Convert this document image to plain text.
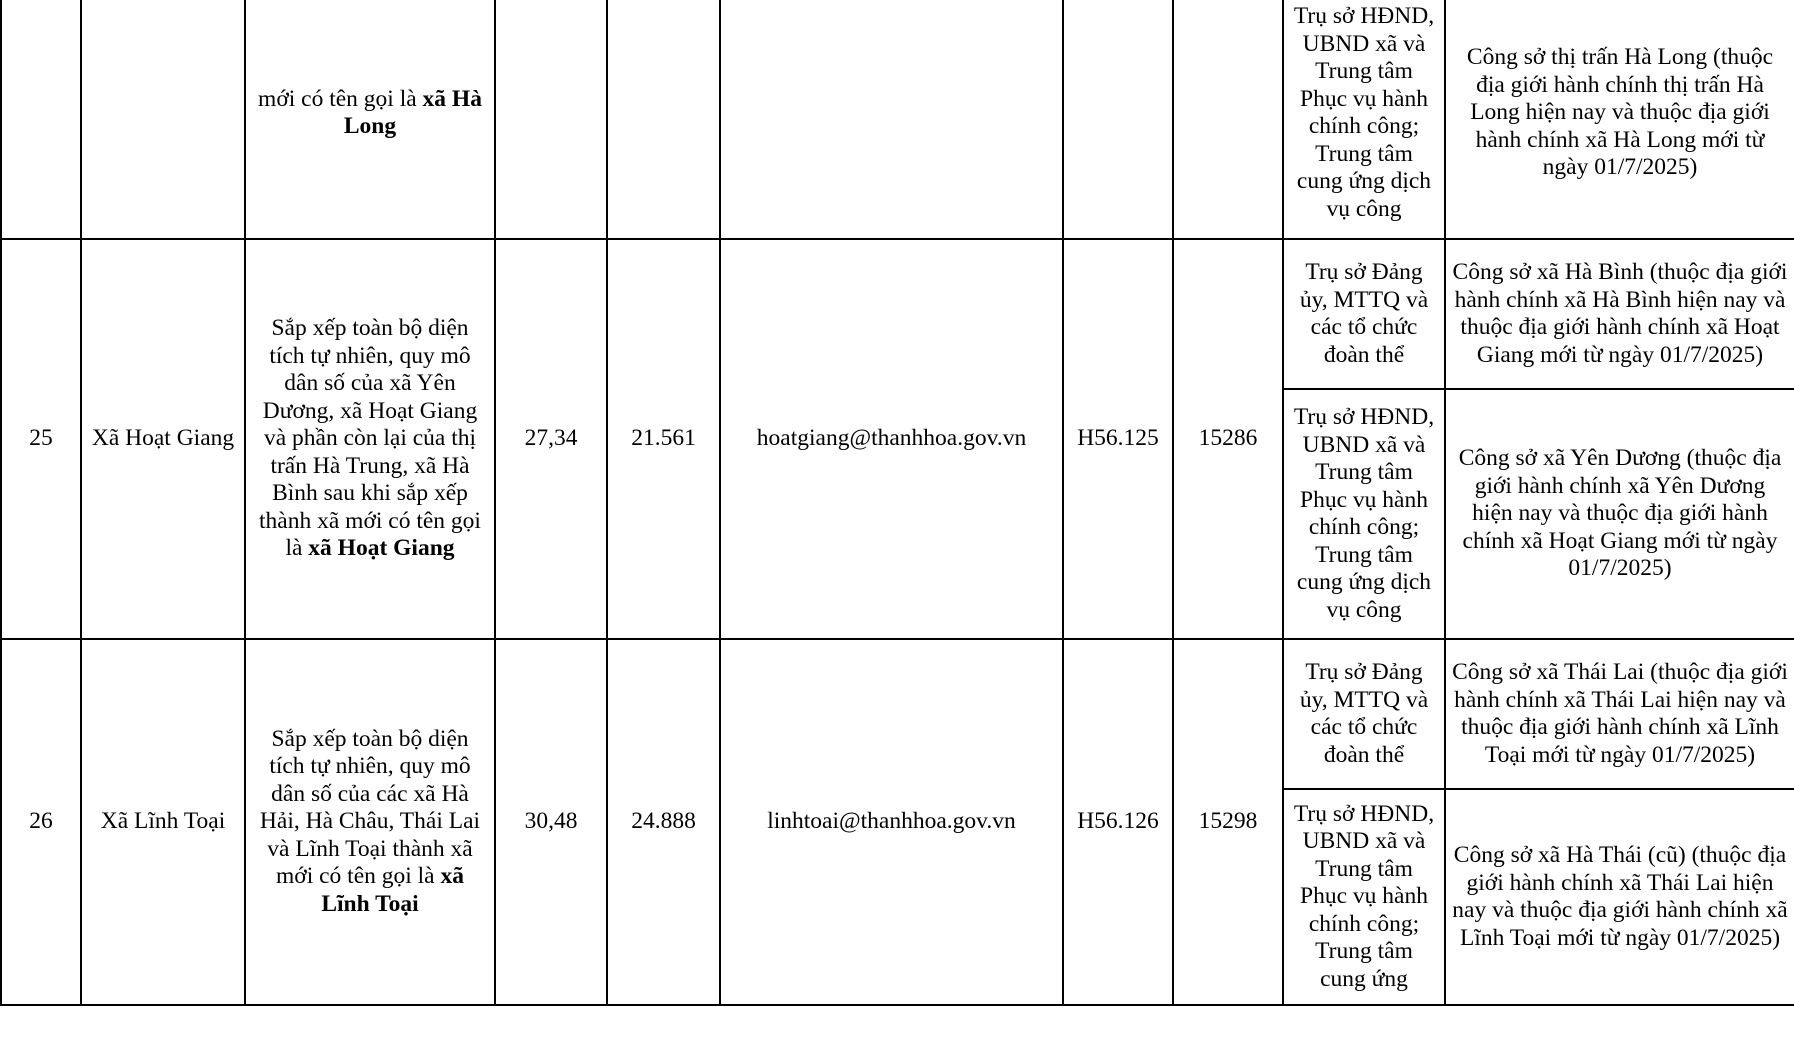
		mới có tên gọi là xã Hà Long						Trụ sở HĐND, UBND xã và Trung tâm Phục vụ hành chính công; Trung tâm cung ứng dịch vụ công	Công sở thị trấn Hà Long (thuộc địa giới hành chính thị trấn Hà Long hiện nay và thuộc địa giới hành chính xã Hà Long mới từ ngày 01/7/2025)
25	Xã Hoạt Giang	Sắp xếp toàn bộ diện tích tự nhiên, quy mô dân số của xã Yên Dương, xã Hoạt Giang và phần còn lại của thị trấn Hà Trung, xã Hà Bình sau khi sắp xếp thành xã mới có tên gọi là xã Hoạt Giang	27,34	21.561	hoatgiang@thanhhoa.gov.vn	H56.125	15286	Trụ sở Đảng ủy, MTTQ và các tổ chức đoàn thể	Công sở xã Hà Bình (thuộc địa giới hành chính xã Hà Bình hiện nay và thuộc địa giới hành chính xã Hoạt Giang mới từ ngày 01/7/2025)
								Trụ sở HĐND, UBND xã và Trung tâm Phục vụ hành chính công; Trung tâm cung ứng dịch vụ công	Công sở xã Yên Dương (thuộc địa giới hành chính xã Yên Dương hiện nay và thuộc địa giới hành chính xã Hoạt Giang mới từ ngày 01/7/2025)
26	Xã Lĩnh Toại	Sắp xếp toàn bộ diện tích tự nhiên, quy mô dân số của các xã Hà Hải, Hà Châu, Thái Lai và Lĩnh Toại thành xã mới có tên gọi là xã Lĩnh Toại	30,48	24.888	linhtoai@thanhhoa.gov.vn	H56.126	15298	Trụ sở Đảng ủy, MTTQ và các tổ chức đoàn thể	Công sở xã Thái Lai (thuộc địa giới hành chính xã Thái Lai hiện nay và thuộc địa giới hành chính xã Lĩnh Toại mới từ ngày 01/7/2025)
								Trụ sở HĐND, UBND xã và Trung tâm Phục vụ hành chính công; Trung tâm cung ứng	Công sở xã Hà Thái (cũ) (thuộc địa giới hành chính xã Thái Lai hiện nay và thuộc địa giới hành chính xã Lĩnh Toại mới từ ngày 01/7/2025)
